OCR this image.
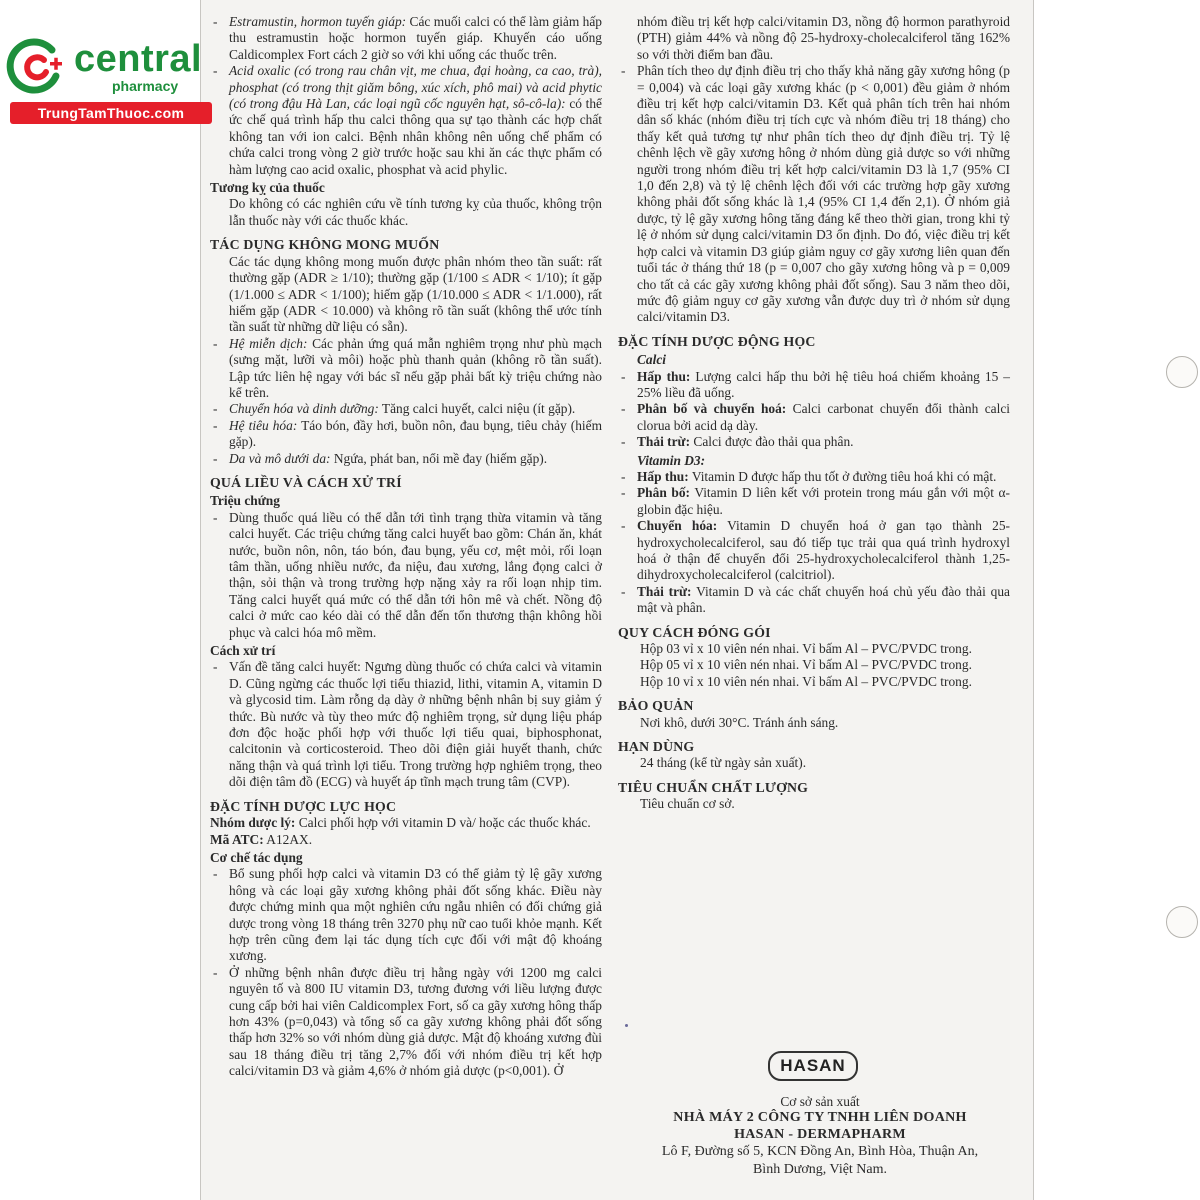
central
pharmacy
TrungTamThuoc.com

- Estramustin, hormon tuyến giáp: Các muối calci có thể làm giảm hấp thu estramustin hoặc hormon tuyến giáp. Khuyến cáo uống Caldicomplex Fort cách 2 giờ so với khi uống các thuốc trên.

- Acid oxalic (có trong rau chân vịt, me chua, đại hoàng, ca cao, trà), phosphat (có trong thịt giăm bông, xúc xích, phô mai) và acid phytic (có trong đậu Hà Lan, các loại ngũ cốc nguyên hạt, sô-cô-la): có thể ức chế quá trình hấp thu calci thông qua sự tạo thành các hợp chất không tan với ion calci. Bệnh nhân không nên uống chế phẩm có chứa calci trong vòng 2 giờ trước hoặc sau khi ăn các thực phẩm có hàm lượng cao acid oxalic, phosphat và acid phylic.

Tương kỵ của thuốc

Do không có các nghiên cứu về tính tương kỵ của thuốc, không trộn lẫn thuốc này với các thuốc khác.

TÁC DỤNG KHÔNG MONG MUỐN

Các tác dụng không mong muốn được phân nhóm theo tần suất: rất thường gặp (ADR ≥ 1/10); thường gặp (1/100 ≤ ADR < 1/10); ít gặp (1/1.000 ≤ ADR < 1/100); hiếm gặp (1/10.000 ≤ ADR < 1/1.000), rất hiếm gặp (ADR < 10.000) và không rõ tần suất (không thể ước tính tần suất từ những dữ liệu có sẵn).

- Hệ miễn dịch: Các phản ứng quá mẫn nghiêm trọng như phù mạch (sưng mặt, lưỡi và môi) hoặc phù thanh quản (không rõ tần suất). Lập tức liên hệ ngay với bác sĩ nếu gặp phải bất kỳ triệu chứng nào kể trên.

- Chuyển hóa và dinh dưỡng: Tăng calci huyết, calci niệu (ít gặp).

- Hệ tiêu hóa: Táo bón, đầy hơi, buồn nôn, đau bụng, tiêu chảy (hiếm gặp).

- Da và mô dưới da: Ngứa, phát ban, nổi mề đay (hiếm gặp).

QUÁ LIỀU VÀ CÁCH XỬ TRÍ

Triệu chứng

- Dùng thuốc quá liều có thể dẫn tới tình trạng thừa vitamin và tăng calci huyết. Các triệu chứng tăng calci huyết bao gồm: Chán ăn, khát nước, buồn nôn, nôn, táo bón, đau bụng, yếu cơ, mệt mỏi, rối loạn tâm thần, uống nhiều nước, đa niệu, đau xương, lắng đọng calci ở thận, sỏi thận và trong trường hợp nặng xảy ra rối loạn nhịp tim. Tăng calci huyết quá mức có thể dẫn tới hôn mê và chết. Nồng độ calci ở mức cao kéo dài có thể dẫn đến tổn thương thận không hồi phục và calci hóa mô mềm.

Cách xử trí

- Vấn đề tăng calci huyết: Ngưng dùng thuốc có chứa calci và vitamin D. Cũng ngừng các thuốc lợi tiểu thiazid, lithi, vitamin A, vitamin D và glycosid tim. Làm rỗng dạ dày ở những bệnh nhân bị suy giảm ý thức. Bù nước và tùy theo mức độ nghiêm trọng, sử dụng liệu pháp đơn độc hoặc phối hợp với thuốc lợi tiểu quai, biphosphonat, calcitonin và corticosteroid. Theo dõi điện giải huyết thanh, chức năng thận và quá trình lợi tiểu. Trong trường hợp nghiêm trọng, theo dõi điện tâm đồ (ECG) và huyết áp tĩnh mạch trung tâm (CVP).

ĐẶC TÍNH DƯỢC LỰC HỌC

Nhóm dược lý: Calci phối hợp với vitamin D và/ hoặc các thuốc khác.

Mã ATC: A12AX.

Cơ chế tác dụng

- Bổ sung phối hợp calci và vitamin D3 có thể giảm tỷ lệ gãy xương hông và các loại gãy xương không phải đốt sống khác. Điều này được chứng minh qua một nghiên cứu ngẫu nhiên có đối chứng giả dược trong vòng 18 tháng trên 3270 phụ nữ cao tuổi khỏe mạnh. Kết hợp trên cũng đem lại tác dụng tích cực đối với mật độ khoáng xương.

- Ở những bệnh nhân được điều trị hằng ngày với 1200 mg calci nguyên tố và 800 IU vitamin D3, tương đương với liều lượng được cung cấp bởi hai viên Caldicomplex Fort, số ca gãy xương hông thấp hơn 43% (p=0,043) và tổng số ca gãy xương không phải đốt sống thấp hơn 32% so với nhóm dùng giả dược. Mật độ khoáng xương đùi sau 18 tháng điều trị tăng 2,7% đối với nhóm điều trị kết hợp calci/vitamin D3 và giảm 4,6% ở nhóm giả dược (p<0,001). Ở

nhóm điều trị kết hợp calci/vitamin D3, nồng độ hormon parathyroid (PTH) giảm 44% và nồng độ 25-hydroxy-cholecalciferol tăng 162% so với thời điểm ban đầu.

- Phân tích theo dự định điều trị cho thấy khả năng gãy xương hông (p = 0,004) và các loại gãy xương khác (p < 0,001) đều giảm ở nhóm điều trị kết hợp calci/vitamin D3. Kết quả phân tích trên hai nhóm dân số khác (nhóm điều trị tích cực và nhóm điều trị 18 tháng) cho thấy kết quả tương tự như phân tích theo dự định điều trị. Tỷ lệ chênh lệch về gãy xương hông ở nhóm dùng giả dược so với những người trong nhóm điều trị kết hợp calci/vitamin D3 là 1,7 (95% CI 1,0 đến 2,8) và tỷ lệ chênh lệch đối với các trường hợp gãy xương không phải đốt sống khác là 1,4 (95% CI 1,4 đến 2,1). Ở nhóm giả dược, tỷ lệ gãy xương hông tăng đáng kể theo thời gian, trong khi tỷ lệ ở nhóm sử dụng calci/vitamin D3 ổn định. Do đó, việc điều trị kết hợp calci và vitamin D3 giúp giảm nguy cơ gãy xương liên quan đến tuổi tác ở tháng thứ 18 (p = 0,007 cho gãy xương hông và p = 0,009 cho tất cả các gãy xương không phải đốt sống). Sau 3 năm theo dõi, mức độ giảm nguy cơ gãy xương vẫn được duy trì ở nhóm sử dụng calci/vitamin D3.

ĐẶC TÍNH DƯỢC ĐỘNG HỌC

Calci

- Hấp thu: Lượng calci hấp thu bởi hệ tiêu hoá chiếm khoảng 15 – 25% liều đã uống.

- Phân bố và chuyển hoá: Calci carbonat chuyển đổi thành calci clorua bởi acid dạ dày.

- Thải trừ: Calci được đào thải qua phân.

Vitamin D3:

- Hấp thu: Vitamin D được hấp thu tốt ở đường tiêu hoá khi có mật.

- Phân bố: Vitamin D liên kết với protein trong máu gắn với một α-globin đặc hiệu.

- Chuyển hóa: Vitamin D chuyển hoá ở gan tạo thành 25-hydroxycholecalciferol, sau đó tiếp tục trải qua quá trình hydroxyl hoá ở thận để chuyển đổi 25-hydroxycholecalciferol thành 1,25-dihydroxycholecalciferol (calcitriol).

- Thải trừ: Vitamin D và các chất chuyển hoá chủ yếu đào thải qua mật và phân.

QUY CÁCH ĐÓNG GÓI

Hộp 03 vỉ x 10 viên nén nhai. Vỉ bấm Al – PVC/PVDC trong.

Hộp 05 vỉ x 10 viên nén nhai. Vỉ bấm Al – PVC/PVDC trong.

Hộp 10 vỉ x 10 viên nén nhai. Vỉ bấm Al – PVC/PVDC trong.

BẢO QUẢN

Nơi khô, dưới 30°C. Tránh ánh sáng.

HẠN DÙNG

24 tháng (kể từ ngày sản xuất).

TIÊU CHUẨN CHẤT LƯỢNG

Tiêu chuẩn cơ sở.

HASAN
Cơ sở sản xuất
NHÀ MÁY 2 CÔNG TY TNHH LIÊN DOANH
HASAN - DERMAPHARM
Lô F, Đường số 5, KCN Đồng An, Bình Hòa, Thuận An,
Bình Dương, Việt Nam.
